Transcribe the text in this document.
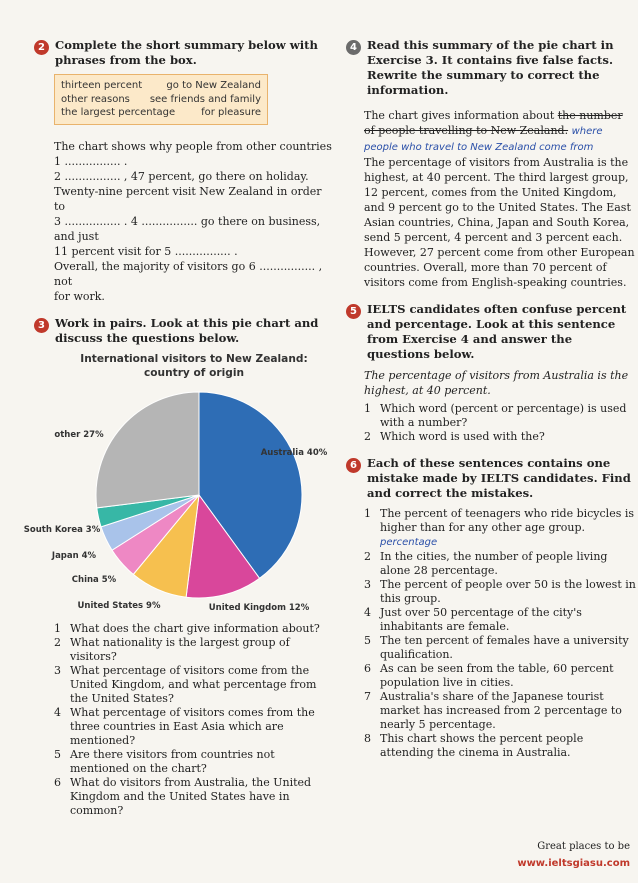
2 Complete the short summary below with phrases from the box.
thirteen percent go to New Zealand
other reasons see friends and family
the largest percentage	for pleasure
The chart shows why people from other countries
1 ................ .
2 ................ , 47 percent, go there on holiday.
Twenty-nine percent visit New Zealand in order to
3 ................ . 4 ................ go there on business, and just
11 percent visit for 5 ................ .
Overall, the majority of visitors go 6 ................ , not
for work.
3 Work in pairs. Look at this pie chart and discuss the questions below.
International visitors to New Zealand: country of origin
Australia 40%
United Kingdom 12%
United States 9%
China 5%
Japan 4%
South Korea 3%
other 27%
1 What does the chart give information about?
2 What nationality is the largest group of visitors?
3 What percentage of visitors come from the United Kingdom, and what percentage from the United States?
4 What percentage of visitors comes from the three countries in East Asia which are mentioned?
5 Are there visitors from countries not mentioned on the chart?
6 What do visitors from Australia, the United Kingdom and the United States have in common?
4 Read this summary of the pie chart in Exercise 3. It contains five false facts. Rewrite the summary to correct the information.
The chart gives information about the number of people travelling to New Zealand. where people who travel to New Zealand come from
The percentage of visitors from Australia is the highest, at 40 percent. The third largest group, 12 percent, comes from the United Kingdom, and 9 percent go to the United States. The East Asian countries, China, Japan and South Korea, send 5 percent, 4 percent and 3 percent each. However, 27 percent come from other European countries. Overall, more than 70 percent of visitors come from English-speaking countries.
5 IELTS candidates often confuse percent and percentage. Look at this sentence from Exercise 4 and answer the questions below.
The percentage of visitors from Australia is the highest, at 40 percent.
1 Which word (percent or percentage) is used with a number?
2 Which word is used with the?
6 Each of these sentences contains one mistake made by IELTS candidates. Find and correct the mistakes.
1 The percent of teenagers who ride bicycles is higher than for any other age group. percentage
2 In the cities, the number of people living alone 28 percentage.
3 The percent of people over 50 is the lowest in this group.
4 Just over 50 percentage of the city's inhabitants are female.
5 The ten percent of females have a university qualification.
6 As can be seen from the table, 60 percent population live in cities.
7 Australia's share of the Japanese tourist market has increased from 2 percentage to nearly 5 percentage.
8 This chart shows the percent people attending the cinema in Australia.
Great places to be
www.ieltsgiasu.com
